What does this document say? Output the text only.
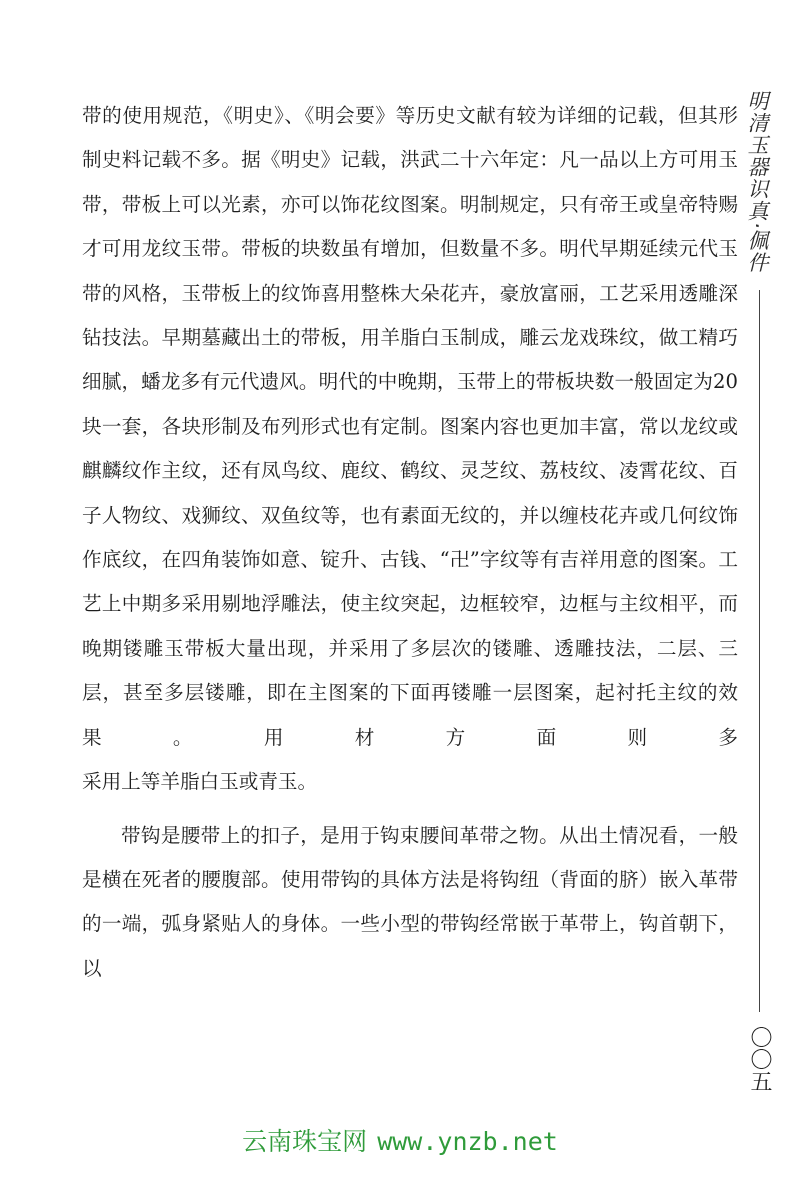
明清玉器识真·佩件

带的使用规范，《明史》、《明会要》等历史文献有较为详细的记载，但其形制史料记载不多。据《明史》记载，洪武二十六年定：凡一品以上方可用玉带，带板上可以光素，亦可以饰花纹图案。明制规定，只有帝王或皇帝特赐才可用龙纹玉带。带板的块数虽有增加，但数量不多。明代早期延续元代玉带的风格，玉带板上的纹饰喜用整株大朵花卉，豪放富丽，工艺采用透雕深钻技法。早期墓藏出土的带板，用羊脂白玉制成，雕云龙戏珠纹，做工精巧细腻，蟠龙多有元代遗风。明代的中晚期，玉带上的带板块数一般固定为20块一套，各块形制及布列形式也有定制。图案内容也更加丰富，常以龙纹或麒麟纹作主纹，还有凤鸟纹、鹿纹、鹤纹、灵芝纹、荔枝纹、凌霄花纹、百子人物纹、戏狮纹、双鱼纹等，也有素面无纹的，并以缠枝花卉或几何纹饰作底纹，在四角装饰如意、锭升、古钱、“卍”字纹等有吉祥用意的图案。工艺上中期多采用剔地浮雕法，使主纹突起，边框较窄，边框与主纹相平，而晚期镂雕玉带板大量出现，并采用了多层次的镂雕、透雕技法，二层、三层，甚至多层镂雕，即在主图案的下面再镂雕一层图案，起衬托主纹的效果。用材方面则多
采用上等羊脂白玉或青玉。

带钩是腰带上的扣子，是用于钩束腰间革带之物。从出土情况看，一般是横在死者的腰腹部。使用带钩的具体方法是将钩纽（背面的脐）嵌入革带的一端，弧身紧贴人的身体。一些小型的带钩经常嵌于革带上，钩首朝下，以

〇〇五
云南珠宝网 www.ynzb.net
